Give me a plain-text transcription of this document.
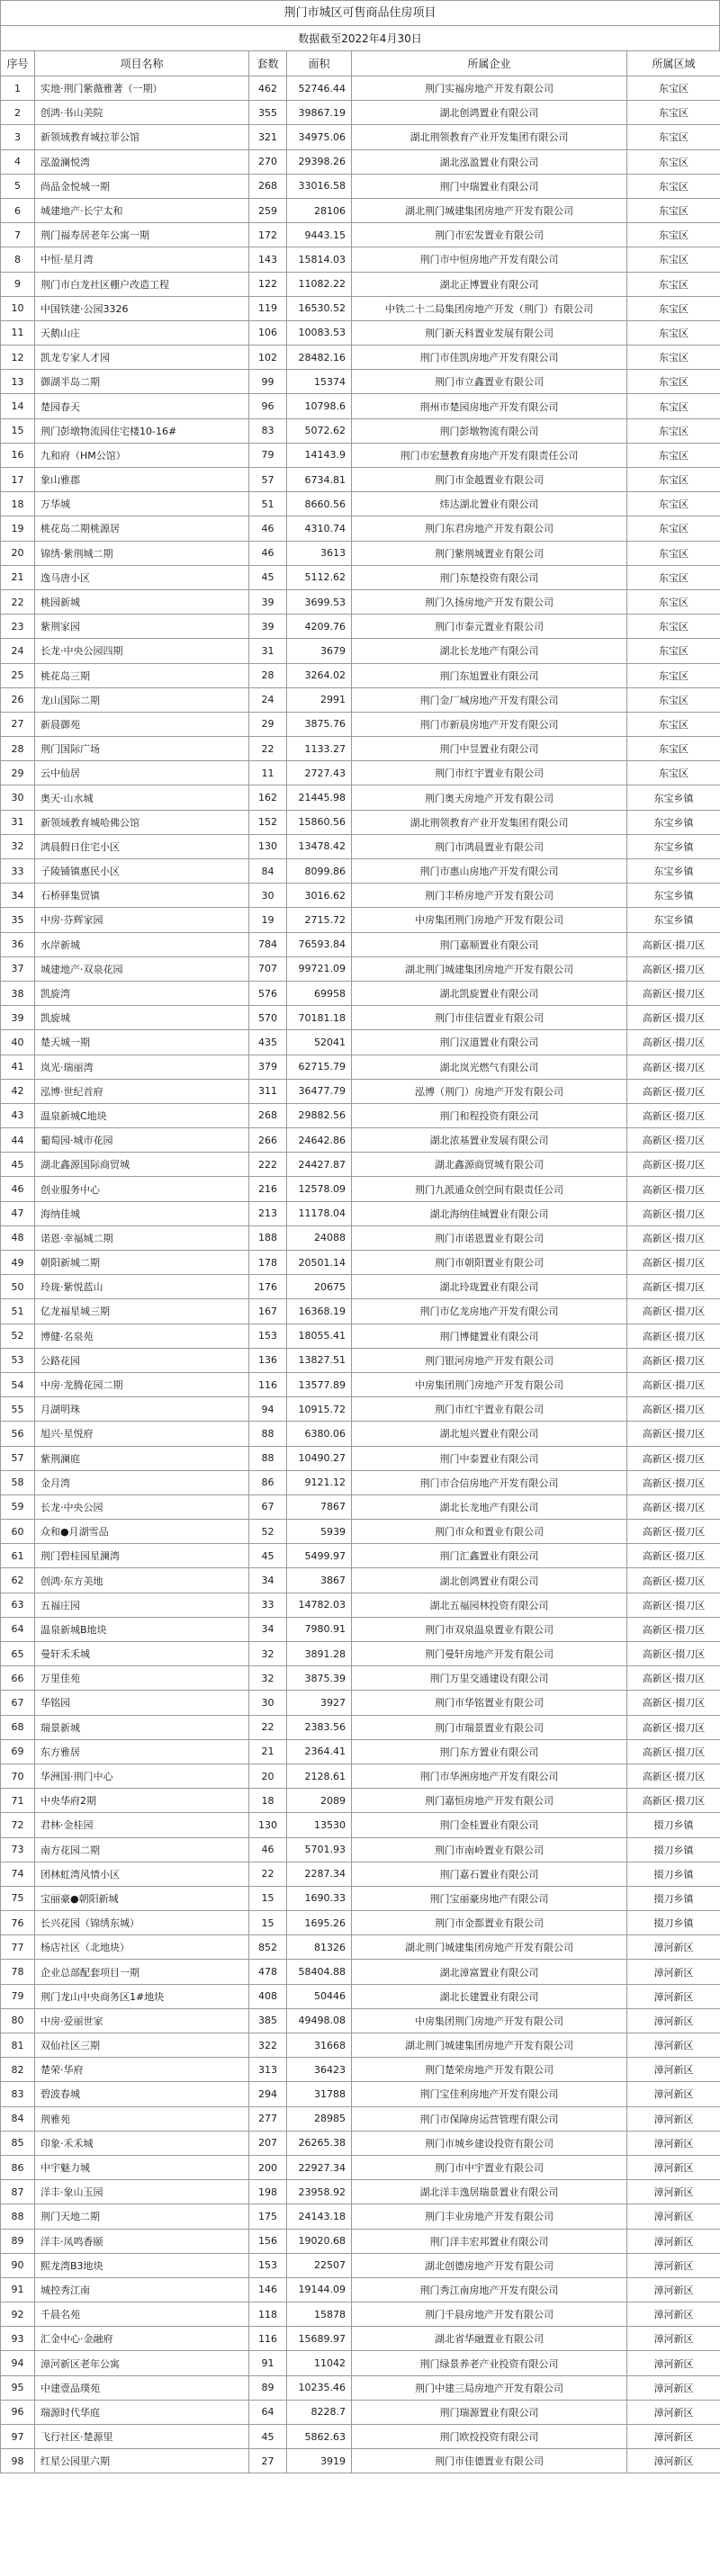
荆门市城区可售商品住房项目
数据截至2022年4月30日
序号	项目名称	套数	面积	所属企业	所属区域
1	实地·荆门紫薇雅著（一期）	462	52746.44	荆门实福房地产开发有限公司	东宝区
2	创鸿·书山美院	355	39867.19	湖北创鸿置业有限公司	东宝区
3	新领域教育城拉菲公馆	321	34975.06	湖北荆领教育产业开发集团有限公司	东宝区
4	泓盈澜悦湾	270	29398.26	湖北泓盈置业有限公司	东宝区
5	尚品金悦城一期	268	33016.58	荆门中瑞置业有限公司	东宝区
6	城建地产·长宁太和	259	28106	湖北荆门城建集团房地产开发有限公司	东宝区
7	荆门福寿居老年公寓一期	172	9443.15	荆门市宏发置业有限公司	东宝区
8	中恒·星月湾	143	15814.03	荆门市中恒房地产开发有限公司	东宝区
9	荆门市白龙社区棚户改造工程	122	11082.22	湖北正博置业有限公司	东宝区
10	中国铁建·公园3326	119	16530.52	中铁二十二局集团房地产开发（荆门）有限公司	东宝区
11	天鹅山庄	106	10083.53	荆门新天科置业发展有限公司	东宝区
12	凯龙专家人才园	102	28482.16	荆门市佳凯房地产开发有限公司	东宝区
13	御湖半岛二期	99	15374	荆门市立鑫置业有限公司	东宝区
14	楚园春天	96	10798.6	荆州市楚园房地产开发有限公司	东宝区
15	荆门彭墩物流园住宅楼10-16#	83	5072.62	荆门彭墩物流有限公司	东宝区
16	九和府（HM公馆）	79	14143.9	荆门市宏慧教育房地产开发有限责任公司	东宝区
17	象山雅郡	57	6734.81	荆门市金越置业有限公司	东宝区
18	万华城	51	8660.56	炜达湖北置业有限公司	东宝区
19	桃花岛二期桃源居	46	4310.74	荆门东君房地产开发有限公司	东宝区
20	锦绣·紫荆城二期	46	3613	荆门紫荆城置业有限公司	东宝区
21	逸马唐小区	45	5112.62	荆门东楚投资有限公司	东宝区
22	桃园新城	39	3699.53	荆门久扬房地产开发有限公司	东宝区
23	紫荆家园	39	4209.76	荆门市泰元置业有限公司	东宝区
24	长龙·中央公园四期	31	3679	湖北长龙地产有限公司	东宝区
25	桃花岛三期	28	3264.02	荆门东旭置业有限公司	东宝区
26	龙山国际二期	24	2991	荆门金厂城房地产开发有限公司	东宝区
27	新晨御苑	29	3875.76	荆门市新晨房地产开发有限公司	东宝区
28	荆门国际广场	22	1133.27	荆门中昱置业有限公司	东宝区
29	云中仙居	11	2727.43	荆门市红宇置业有限公司	东宝区
30	奥天·山水城	162	21445.98	荆门奥天房地产开发有限公司	东宝乡镇
31	新领域教育城哈佛公馆	152	15860.56	湖北荆领教育产业开发集团有限公司	东宝乡镇
32	鸿晨假日住宅小区	130	13478.42	荆门市鸿晨置业有限公司	东宝乡镇
33	子陵铺镇惠民小区	84	8099.86	荆门市惠山房地产开发有限公司	东宝乡镇
34	石桥驿集贸镇	30	3016.62	荆门丰桥房地产开发有限公司	东宝乡镇
35	中房·芬辉家园	19	2715.72	中房集团荆门房地产开发有限公司	东宝乡镇
36	水岸新城	784	76593.84	荆门嘉顺置业有限公司	高新区·掇刀区
37	城建地产·双泉花园	707	99721.09	湖北荆门城建集团房地产开发有限公司	高新区·掇刀区
38	凯旋湾	576	69958	湖北凯旋置业有限公司	高新区·掇刀区
39	凯旋城	570	70181.18	荆门市佳信置业有限公司	高新区·掇刀区
40	楚天城一期	435	52041	荆门汉道置业有限公司	高新区·掇刀区
41	岚光·瑞丽湾	379	62715.79	湖北岚光燃气有限公司	高新区·掇刀区
42	泓博·世纪首府	311	36477.79	泓博（荆门）房地产开发有限公司	高新区·掇刀区
43	温泉新城C地块	268	29882.56	荆门和程投资有限公司	高新区·掇刀区
44	葡萄园·城市花园	266	24642.86	湖北浓基置业发展有限公司	高新区·掇刀区
45	湖北鑫源国际商贸城	222	24427.87	湖北鑫源商贸城有限公司	高新区·掇刀区
46	创业服务中心	216	12578.09	荆门九派通众创空间有限责任公司	高新区·掇刀区
47	海纳佳城	213	11178.04	湖北海纳佳城置业有限公司	高新区·掇刀区
48	诺恩·幸福城二期	188	24088	荆门市诺恩置业有限公司	高新区·掇刀区
49	朝阳新城二期	178	20501.14	荆门市朝阳置业有限公司	高新区·掇刀区
50	玲珑·紫悦蓝山	176	20675	湖北玲珑置业有限公司	高新区·掇刀区
51	亿龙福星城三期	167	16368.19	荆门市亿龙房地产开发有限公司	高新区·掇刀区
52	博健·名泉苑	153	18055.41	荆门博健置业有限公司	高新区·掇刀区
53	公路花园	136	13827.51	荆门银河房地产开发有限公司	高新区·掇刀区
54	中房·龙腾花园二期	116	13577.89	中房集团荆门房地产开发有限公司	高新区·掇刀区
55	月湖明珠	94	10915.72	荆门市红宇置业有限公司	高新区·掇刀区
56	旭兴·星悦府	88	6380.06	湖北旭兴置业有限公司	高新区·掇刀区
57	紫荆澜庭	88	10490.27	荆门中泰置业有限公司	高新区·掇刀区
58	金月湾	86	9121.12	荆门市合信房地产开发有限公司	高新区·掇刀区
59	长龙·中央公园	67	7867	湖北长龙地产有限公司	高新区·掇刀区
60	众和●月湖雪品	52	5939	荆门市众和置业有限公司	高新区·掇刀区
61	荆门碧桂园星澜湾	45	5499.97	荆门汇鑫置业有限公司	高新区·掇刀区
62	创鸿·东方美地	34	3867	湖北创鸿置业有限公司	高新区·掇刀区
63	五福庄园	33	14782.03	湖北五福园林投资有限公司	高新区·掇刀区
64	温泉新城B地块	34	7980.91	荆门市双泉温泉置业有限公司	高新区·掇刀区
65	曼轩禾禾城	32	3891.28	荆门曼轩房地产开发有限公司	高新区·掇刀区
66	万里佳苑	32	3875.39	荆门万里交通建设有限公司	高新区·掇刀区
67	华铭园	30	3927	荆门市华铭置业有限公司	高新区·掇刀区
68	瑞景新城	22	2383.56	荆门市瑞景置业有限公司	高新区·掇刀区
69	东方雅居	21	2364.41	荆门东方置业有限公司	高新区·掇刀区
70	华洲国·荆门中心	20	2128.61	荆门市华洲房地产开发有限公司	高新区·掇刀区
71	中央华府2期	18	2089	荆门嘉恒房地产开发有限公司	高新区·掇刀区
72	君林·金桂园	130	13530	荆门金桂置业有限公司	掇刀乡镇
73	南方花园二期	46	5701.93	荆门市南岭置业有限公司	掇刀乡镇
74	团林虹湾风情小区	22	2287.34	荆门嘉石置业有限公司	掇刀乡镇
75	宝丽豪●朝阳新城	15	1690.33	荆门宝丽豪房地产有限公司	掇刀乡镇
76	长兴花园（锦绣东城）	15	1695.26	荆门市金都置业有限公司	掇刀乡镇
77	杨店社区（北地块）	852	81326	湖北荆门城建集团房地产开发有限公司	漳河新区
78	企业总部配套项目一期	478	58404.88	湖北漳富置业有限公司	漳河新区
79	荆门龙山中央商务区1#地块	408	50446	湖北长建置业有限公司	漳河新区
80	中房·爱丽世家	385	49498.08	中房集团荆门房地产开发有限公司	漳河新区
81	双仙社区三期	322	31668	湖北荆门城建集团房地产开发有限公司	漳河新区
82	楚荣·华府	313	36423	荆门楚荣房地产开发有限公司	漳河新区
83	碧波春城	294	31788	荆门宝佳利房地产开发有限公司	漳河新区
84	荆雅苑	277	28985	荆门市保障房运营管理有限公司	漳河新区
85	印象·禾禾城	207	26265.38	荆门市城乡建设投资有限公司	漳河新区
86	中宇魅力城	200	22927.34	荆门市中宇置业有限公司	漳河新区
87	洋丰·象山玉园	198	23958.92	湖北洋丰逸居瑞景置业有限公司	漳河新区
88	荆门天地二期	175	24143.18	荆门丰业房地产开发有限公司	漳河新区
89	洋丰·凤鸣香颐	156	19020.68	荆门洋丰宏邦置业有限公司	漳河新区
90	熙龙湾B3地块	153	22507	湖北创德房地产开发有限公司	漳河新区
91	城控秀江南	146	19144.09	荆门秀江南房地产开发有限公司	漳河新区
92	千晨名苑	118	15878	荆门千晨房地产开发有限公司	漳河新区
93	汇金中心·金融府	116	15689.97	湖北省华融置业有限公司	漳河新区
94	漳河新区老年公寓	91	11042	荆门绿景养老产业投资有限公司	漳河新区
95	中建壹品璞苑	89	10235.46	荆门中建三局房地产开发有限公司	漳河新区
96	瑞源时代华庭	64	8228.7	荆门瑞源置业有限公司	漳河新区
97	飞行社区·楚源里	45	5862.63	荆门欧投投资有限公司	漳河新区
98	红星公园里六期	27	3919	荆门市佳德置业有限公司	漳河新区
